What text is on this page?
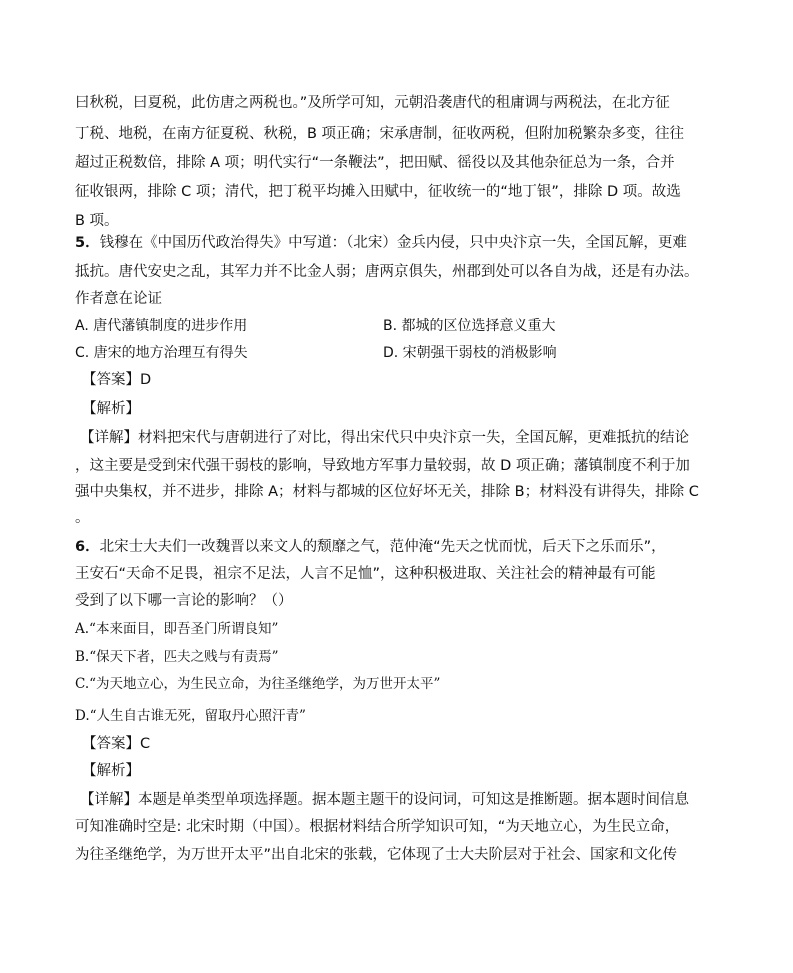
曰秋税，曰夏税，此仿唐之两税也。”及所学可知，元朝沿袭唐代的租庸调与两税法，在北方征
丁税、地税，在南方征夏税、秋税，B 项正确；宋承唐制，征收两税，但附加税繁杂多变，往往
超过正税数倍，排除 A 项；明代实行“一条鞭法”，把田赋、徭役以及其他杂征总为一条，合并
征收银两，排除 C 项；清代，把丁税平均摊入田赋中，征收统一的“地丁银”，排除 D 项。故选
B 项。
5．钱穆在《中国历代政治得失》中写道：（北宋）金兵内侵，只中央汴京一失，全国瓦解，更难
抵抗。唐代安史之乱，其军力并不比金人弱；唐两京俱失，州郡到处可以各自为战，还是有办法。
作者意在论证
A. 唐代藩镇制度的进步作用	B. 都城的区位选择意义重大
C. 唐宋的地方治理互有得失	D. 宋朝强干弱枝的消极影响
【答案】D
【解析】
【详解】材料把宋代与唐朝进行了对比，得出宋代只中央汴京一失，全国瓦解，更难抵抗的结论
，这主要是受到宋代强干弱枝的影响，导致地方军事力量较弱，故 D 项正确；藩镇制度不利于加
强中央集权，并不进步，排除 A；材料与都城的区位好坏无关，排除 B；材料没有讲得失，排除 C
。
6．北宋士大夫们一改魏晋以来文人的颓靡之气，范仲淹“先天之忧而忧，后天下之乐而乐”，
王安石“天命不足畏，祖宗不足法，人言不足恤”，这种积极进取、关注社会的精神最有可能
受到了以下哪一言论的影响？（）
A.“本来面目，即吾圣门所谓良知”
B.“保天下者，匹夫之贱与有责焉”
C.“为天地立心，为生民立命，为往圣继绝学，为万世开太平”
D.“人生自古谁无死，留取丹心照汗青”
【答案】C
【解析】
【详解】本题是单类型单项选择题。据本题主题干的设问词，可知这是推断题。据本题时间信息
可知准确时空是: 北宋时期（中国）。根据材料结合所学知识可知，“为天地立心，为生民立命，
为往圣继绝学，为万世开太平”出自北宋的张载，它体现了士大夫阶层对于社会、国家和文化传
